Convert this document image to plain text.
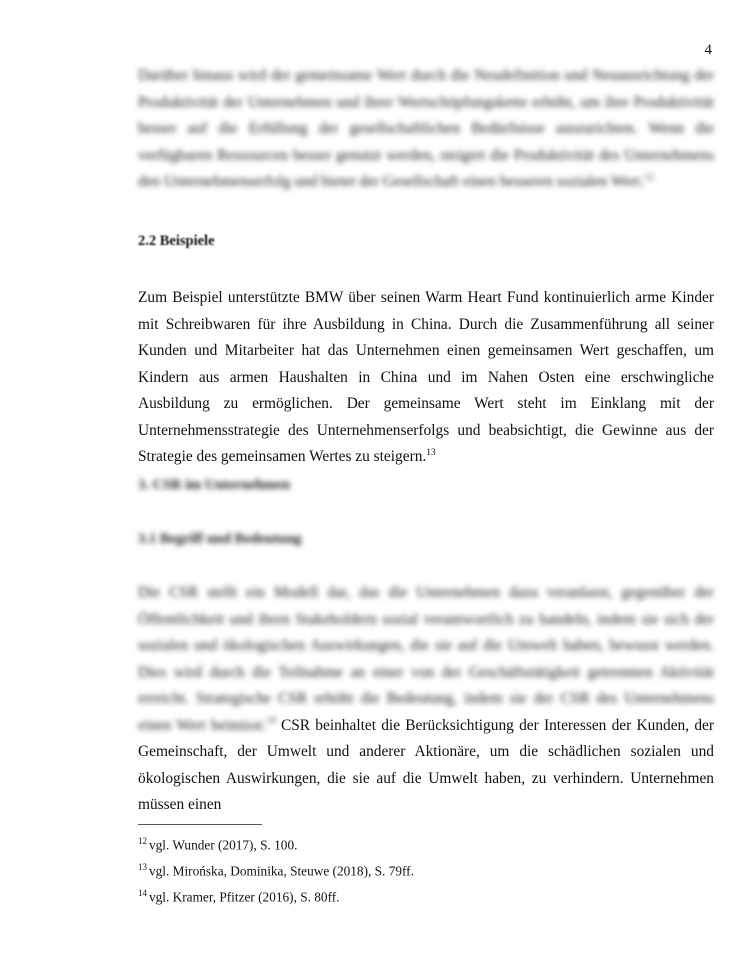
4

Darüber hinaus wird der gemeinsame Wert durch die Neudefinition und Neuausrichtung der Produktivität der Unternehmen und ihrer Wertschöpfungskette erhöht, um ihre Produktivität besser auf die Erfüllung der gesellschaftlichen Bedürfnisse auszurichten. Wenn die verfügbaren Ressourcen besser genutzt werden, steigert die Produktivität des Unternehmens den Unternehmenserfolg und bietet der Gesellschaft einen besseren sozialen Wert.$^{12}$

2.2 Beispiele

Zum Beispiel unterstützte BMW über seinen Warm Heart Fund kontinuierlich arme Kinder mit Schreibwaren für ihre Ausbildung in China. Durch die Zusammenführung all seiner Kunden und Mitarbeiter hat das Unternehmen einen gemeinsamen Wert geschaffen, um Kindern aus armen Haushalten in China und im Nahen Osten eine erschwingliche Ausbildung zu ermöglichen. Der gemeinsame Wert steht im Einklang mit der Unternehmensstrategie des Unternehmenserfolgs und beabsichtigt, die Gewinne aus der Strategie des gemeinsamen Wertes zu steigern.$^{13}$

3. CSR im Unternehmen
3.1 Begriff und Bedeutung

Die CSR stellt ein Modell dar, das die Unternehmen dazu veranlasst, gegenüber der Öffentlichkeit und ihren Stakeholdern sozial verantwortlich zu handeln, indem sie sich der sozialen und ökologischen Auswirkungen, die sie auf die Umwelt haben, bewusst werden. Dies wird durch die Teilnahme an einer von der Geschäftstätigkeit getrennten Aktivität erreicht. Strategische CSR erhöht die Bedeutung, indem sie der CSR des Unternehmens einen Wert beimisst.$^{14}$ CSR beinhaltet die Berücksichtigung der Interessen der Kunden, der Gemeinschaft, der Umwelt und anderer Aktionäre, um die schädlichen sozialen und ökologischen Auswirkungen, die sie auf die Umwelt haben, zu verhindern. Unternehmen müssen einen

$^{12}$ vgl. Wunder (2017), S. 100.
$^{13}$ vgl. Mirońska, Dominika, Steuwe (2018), S. 79ff.
$^{14}$ vgl. Kramer, Pfitzer (2016), S. 80ff.
